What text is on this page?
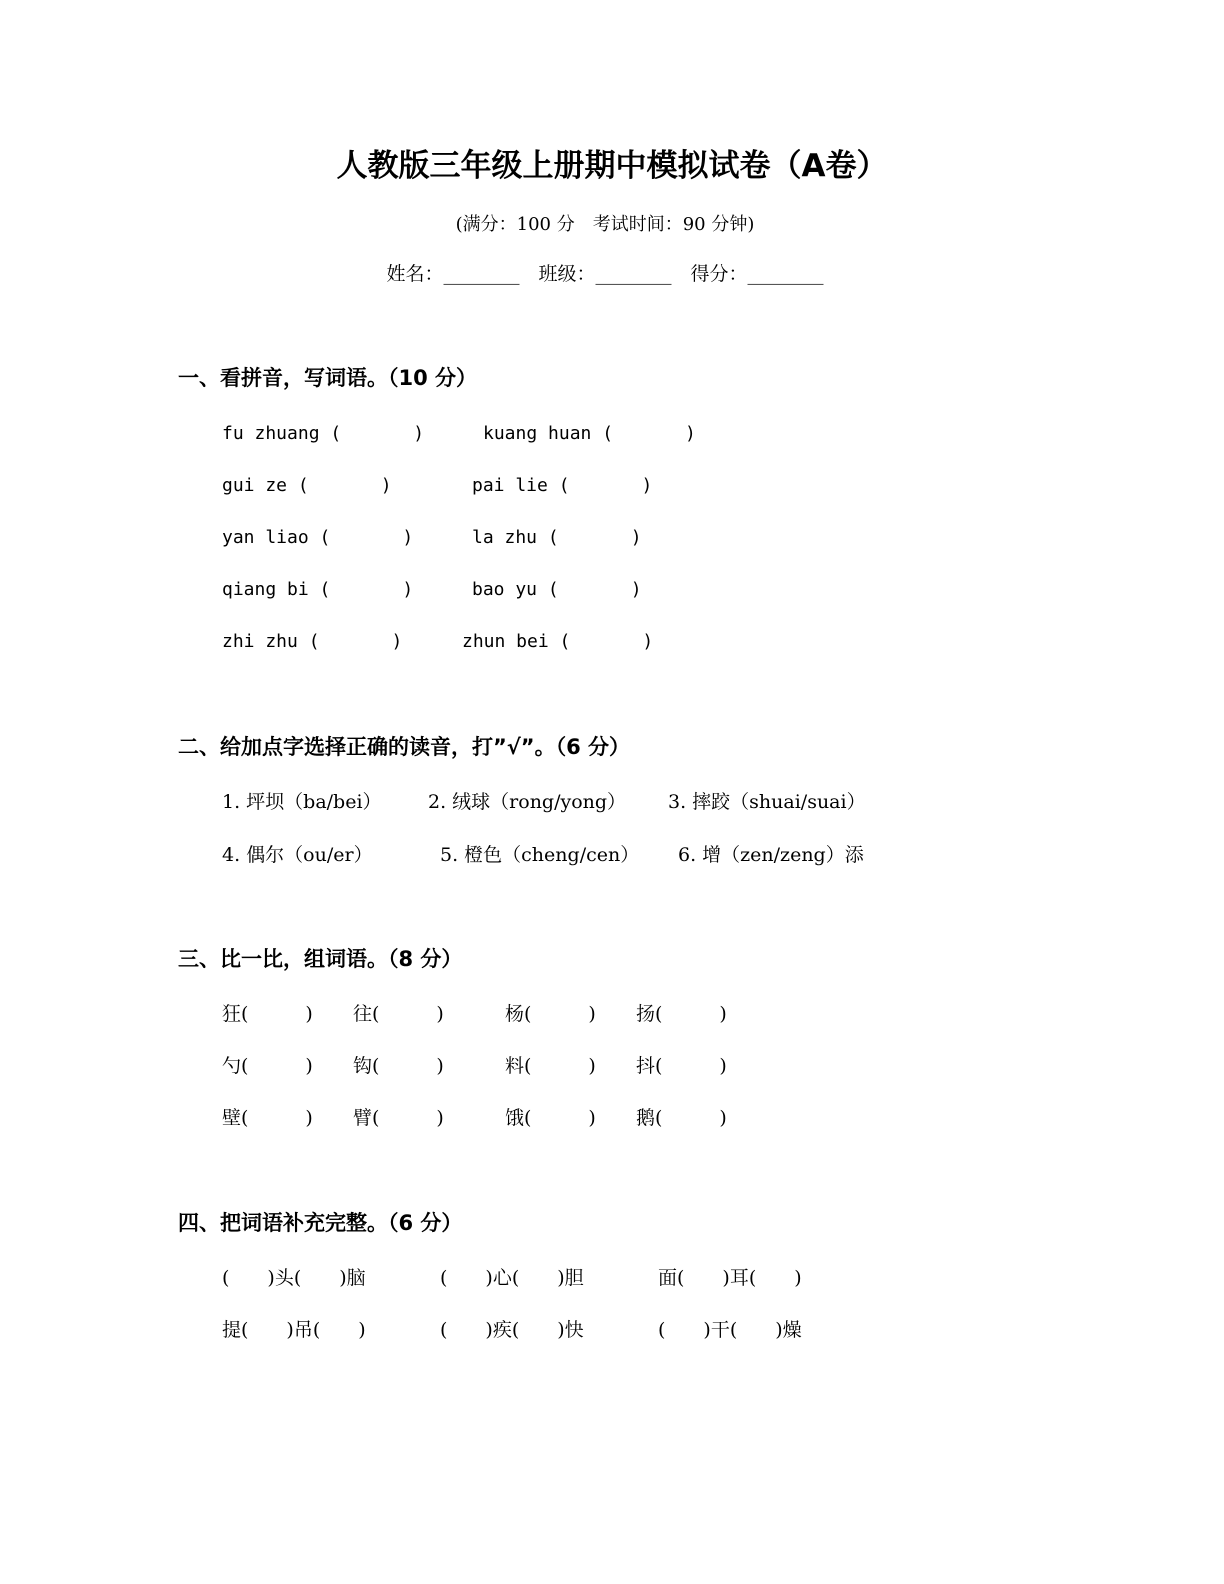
人教版三年级上册期中模拟试卷（A卷）
(满分：100 分　考试时间：90 分钟)
姓名：________　班级：________　得分：________
一、看拼音，写词语。（10 分）
fu zhuang (　　　　)	kuang huan (　　　　)
gui ze (　　　　)	pai lie (　　　　)
yan liao (　　　　)	la zhu (　　　　)
qiang bi (　　　　)	bao yu (　　　　)
zhi zhu (　　　　)	zhun bei (　　　　)
二、给加点字选择正确的读音，打”√”。（6 分）
1. 坪坝（ba/bei） 2. 绒球（rong/yong） 3. 摔跤（shuai/suai）
4. 偶尔（ou/er）	5. 橙色（cheng/cen） 6. 增（zen/zeng）添
三、比一比，组词语。（8 分）
狂(　　　) 往(　　　)	杨(　　　) 扬(　　　)
勺(　　　) 钩(　　　)	料(　　　) 抖(　　　)
壁(　　　) 臂(　　　)	饿(　　　) 鹅(　　　)
四、把词语补充完整。（6 分）
(　　)头(　　)脑	(　　)心(　　)胆	面(　　)耳(　　)
提(　　)吊(　　)	(　　)疾(　　)快	(　　)干(　　)燥
